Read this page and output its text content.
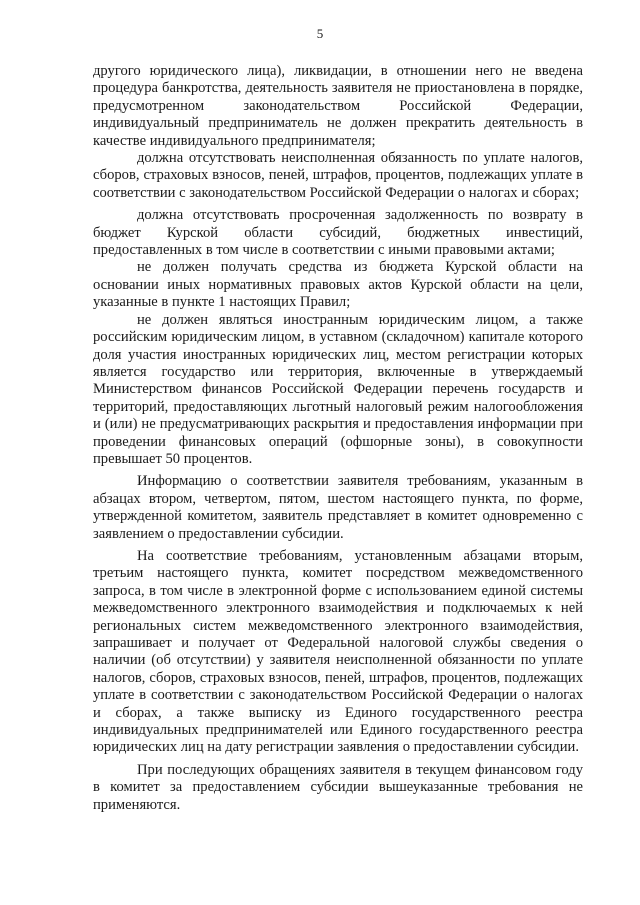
5

другого юридического лица), ликвидации, в отношении него не введена процедура банкротства, деятельность заявителя не приостановлена в порядке, предусмотренном законодательством Российской Федерации, индивидуальный предприниматель не должен прекратить деятельность в качестве индивидуального предпринимателя;

должна отсутствовать неисполненная обязанность по уплате налогов, сборов, страховых взносов, пеней, штрафов, процентов, подлежащих уплате в соответствии с законодательством Российской Федерации о налогах и сборах;

должна отсутствовать просроченная задолженность по возврату в бюджет Курской области субсидий, бюджетных инвестиций, предоставленных в том числе в соответствии с иными правовыми актами;

не должен получать средства из бюджета Курской области на основании иных нормативных правовых актов Курской области на цели, указанные в пункте 1 настоящих Правил;

не должен являться иностранным юридическим лицом, а также российским юридическим лицом, в уставном (складочном) капитале которого доля участия иностранных юридических лиц, местом регистрации которых является государство или территория, включенные в утверждаемый Министерством финансов Российской Федерации перечень государств и территорий, предоставляющих льготный налоговый режим налогообложения и (или) не предусматривающих раскрытия и предоставления информации при проведении финансовых операций (офшорные зоны), в совокупности превышает 50 процентов.

Информацию о соответствии заявителя требованиям, указанным в абзацах втором, четвертом, пятом, шестом настоящего пункта, по форме, утвержденной комитетом, заявитель представляет в комитет одновременно с заявлением о предоставлении субсидии.

На соответствие требованиям, установленным абзацами вторым, третьим настоящего пункта, комитет посредством межведомственного запроса, в том числе в электронной форме с использованием единой системы межведомственного электронного взаимодействия и подключаемых к ней региональных систем межведомственного электронного взаимодействия, запрашивает и получает от Федеральной налоговой службы сведения о наличии (об отсутствии) у заявителя неисполненной обязанности по уплате налогов, сборов, страховых взносов, пеней, штрафов, процентов, подлежащих уплате в соответствии с законодательством Российской Федерации о налогах и сборах, а также выписку из Единого государственного реестра индивидуальных предпринимателей или Единого государственного реестра юридических лиц на дату регистрации заявления о предоставлении субсидии.

При последующих обращениях заявителя в текущем финансовом году в комитет за предоставлением субсидии вышеуказанные требования не применяются.
